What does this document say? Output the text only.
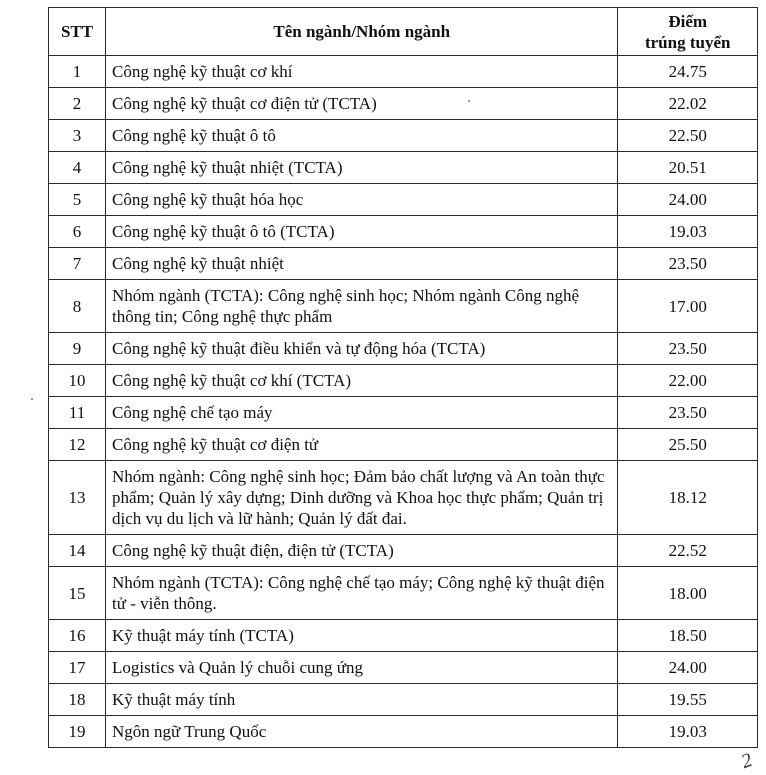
STT	Tên ngành/Nhóm ngành	Điểm
trúng tuyển
1	Công nghệ kỹ thuật cơ khí	24.75
2	Công nghệ kỹ thuật cơ điện tử (TCTA)	22.02
3	Công nghệ kỹ thuật ô tô	22.50
4	Công nghệ kỹ thuật nhiệt (TCTA)	20.51
5	Công nghệ kỹ thuật hóa học	24.00
6	Công nghệ kỹ thuật ô tô (TCTA)	19.03
7	Công nghệ kỹ thuật nhiệt	23.50
8	Nhóm ngành (TCTA): Công nghệ sinh học; Nhóm ngành Công nghệ thông tin; Công nghệ thực phẩm	17.00
9	Công nghệ kỹ thuật điều khiển và tự động hóa (TCTA)	23.50
10	Công nghệ kỹ thuật cơ khí (TCTA)	22.00
11	Công nghệ chế tạo máy	23.50
12	Công nghệ kỹ thuật cơ điện tử	25.50
13	Nhóm ngành: Công nghệ sinh học; Đảm bảo chất lượng và An toàn thực phẩm; Quản lý xây dựng; Dinh dưỡng và Khoa học thực phẩm; Quản trị dịch vụ du lịch và lữ hành; Quản lý đất đai.	18.12
14	Công nghệ kỹ thuật điện, điện tử (TCTA)	22.52
15	Nhóm ngành (TCTA): Công nghệ chế tạo máy; Công nghệ kỹ thuật điện tử - viễn thông.	18.00
16	Kỹ thuật máy tính (TCTA)	18.50
17	Logistics và Quản lý chuỗi cung ứng	24.00
18	Kỹ thuật máy tính	19.55
19	Ngôn ngữ Trung Quốc	19.03
2
